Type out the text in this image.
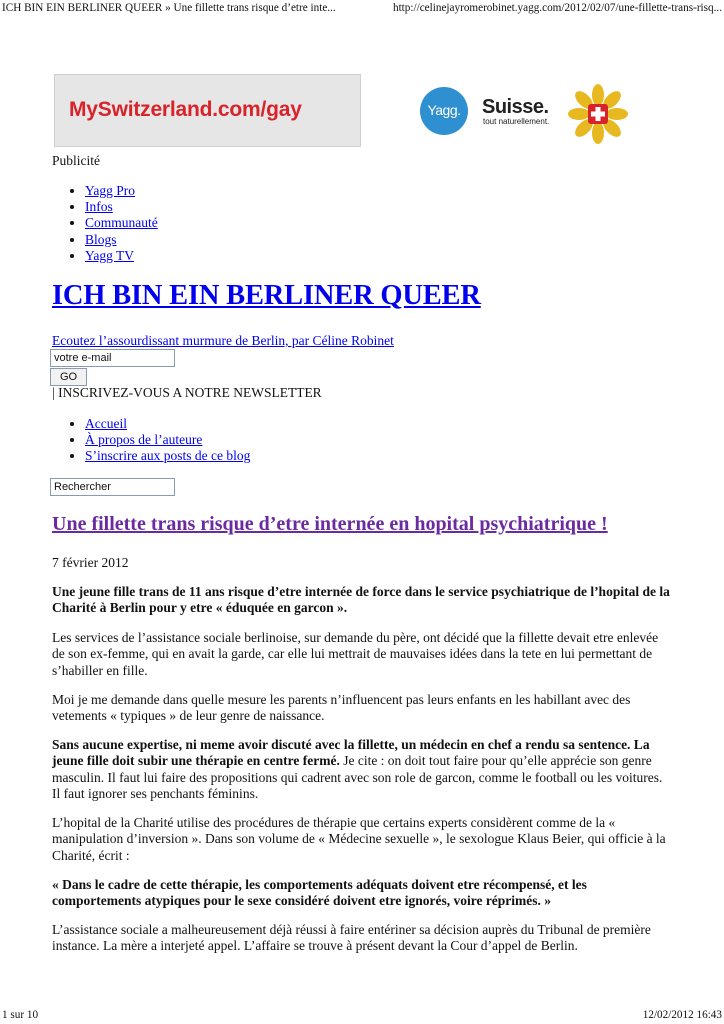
ICH BIN EIN BERLINER QUEER » Une fillette trans risque d’etre inte...	http://celinejayromerobinet.yagg.com/2012/02/07/une-fillette-trans-risq...
MySwitzerland.com/gay	Yagg.	Suisse.
tout naturellement.
Publicité
• Yagg Pro
• Infos
• Communauté
• Blogs
• Yagg TV
ICH BIN EIN BERLINER QUEER
Ecoutez l’assourdissant murmure de Berlin, par Céline Robinet
votre e-mail
GO
| INSCRIVEZ-VOUS A NOTRE NEWSLETTER
• Accueil
• À propos de l’auteure
• S’inscrire aux posts de ce blog
Rechercher
Une fillette trans risque d’etre internée en hopital psychiatrique !
7 février 2012

Une jeune fille trans de 11 ans risque d’etre internée de force dans le service psychiatrique de l’hopital de la Charité à Berlin pour y etre « éduquée en garcon ».

Les services de l’assistance sociale berlinoise, sur demande du père, ont décidé que la fillette devait etre enlevée de son ex-femme, qui en avait la garde, car elle lui mettrait de mauvaises idées dans la tete en lui permettant de s’habiller en fille.

Moi je me demande dans quelle mesure les parents n’influencent pas leurs enfants en les habillant avec des vetements « typiques » de leur genre de naissance.

Sans aucune expertise, ni meme avoir discuté avec la fillette, un médecin en chef a rendu sa sentence. La jeune fille doit subir une thérapie en centre fermé. Je cite : on doit tout faire pour qu’elle apprécie son genre masculin. Il faut lui faire des propositions qui cadrent avec son role de garcon, comme le football ou les voitures. Il faut ignorer ses penchants féminins.

L’hopital de la Charité utilise des procédures de thérapie que certains experts considèrent comme de la « manipulation d’inversion ». Dans son volume de « Médecine sexuelle », le sexologue Klaus Beier, qui officie à la Charité, écrit :

« Dans le cadre de cette thérapie, les comportements adéquats doivent etre récompensé, et les comportements atypiques pour le sexe considéré doivent etre ignorés, voire réprimés. »

L’assistance sociale a malheureusement déjà réussi à faire entériner sa décision auprès du Tribunal de première instance. La mère a interjeté appel. L’affaire se trouve à présent devant la Cour d’appel de Berlin.

1 sur 10	12/02/2012 16:43
